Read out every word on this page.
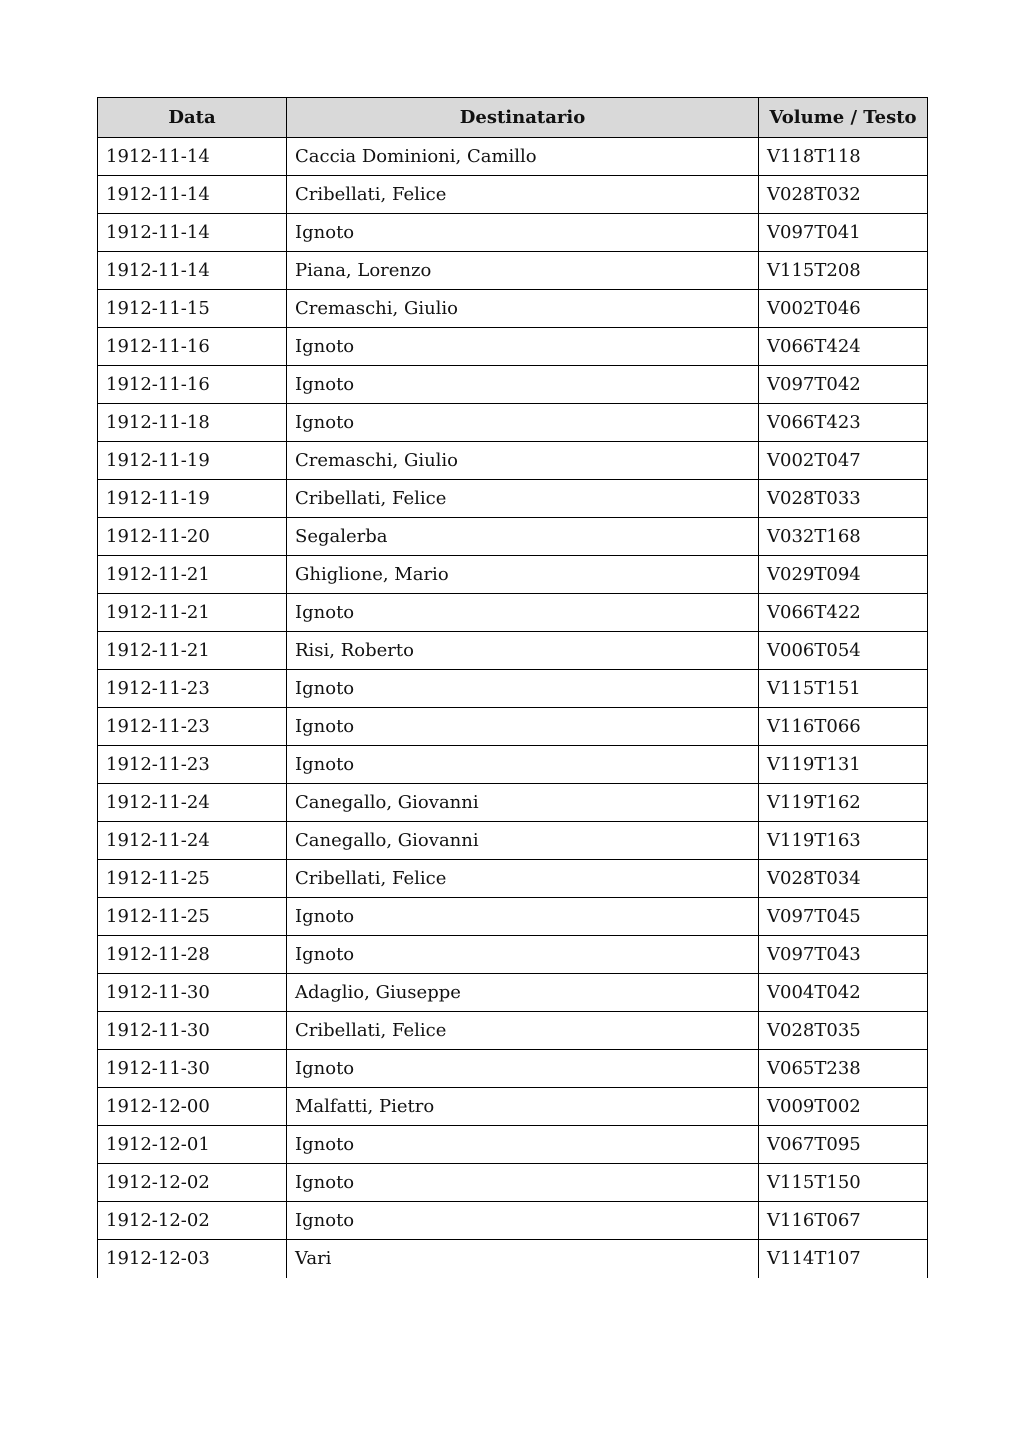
Data	Destinatario	Volume / Testo
1912-11-14	Caccia Dominioni, Camillo	V118T118
1912-11-14	Cribellati, Felice	V028T032
1912-11-14	Ignoto	V097T041
1912-11-14	Piana, Lorenzo	V115T208
1912-11-15	Cremaschi, Giulio	V002T046
1912-11-16	Ignoto	V066T424
1912-11-16	Ignoto	V097T042
1912-11-18	Ignoto	V066T423
1912-11-19	Cremaschi, Giulio	V002T047
1912-11-19	Cribellati, Felice	V028T033
1912-11-20	Segalerba	V032T168
1912-11-21	Ghiglione, Mario	V029T094
1912-11-21	Ignoto	V066T422
1912-11-21	Risi, Roberto	V006T054
1912-11-23	Ignoto	V115T151
1912-11-23	Ignoto	V116T066
1912-11-23	Ignoto	V119T131
1912-11-24	Canegallo, Giovanni	V119T162
1912-11-24	Canegallo, Giovanni	V119T163
1912-11-25	Cribellati, Felice	V028T034
1912-11-25	Ignoto	V097T045
1912-11-28	Ignoto	V097T043
1912-11-30	Adaglio, Giuseppe	V004T042
1912-11-30	Cribellati, Felice	V028T035
1912-11-30	Ignoto	V065T238
1912-12-00	Malfatti, Pietro	V009T002
1912-12-01	Ignoto	V067T095
1912-12-02	Ignoto	V115T150
1912-12-02	Ignoto	V116T067
1912-12-03	Vari	V114T107
